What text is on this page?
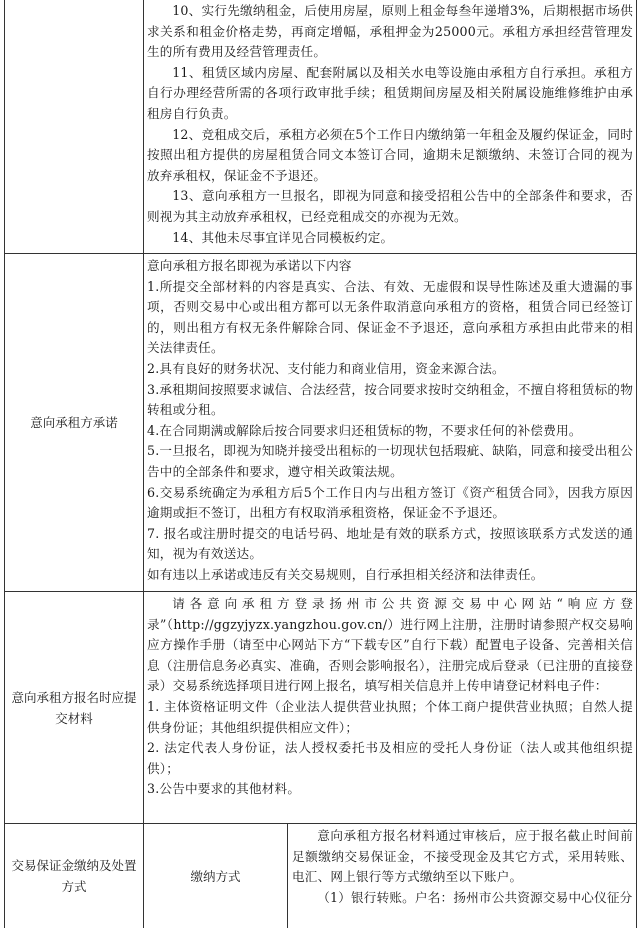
10、实行先缴纳租金，后使用房屋，原则上租金每叁年递增3%，后期根据市场供求关系和租金价格走势，再商定增幅，承租押金为25000元。承租方承担经营管理发生的所有费用及经营管理责任。

11、租赁区域内房屋、配套附属以及相关水电等设施由承租方自行承担。承租方自行办理经营所需的各项行政审批手续；租赁期间房屋及相关附属设施维修维护由承租房自行负责。

12、竞租成交后，承租方必须在5个工作日内缴纳第一年租金及履约保证金，同时按照出租方提供的房屋租赁合同文本签订合同，逾期未足额缴纳、未签订合同的视为放弃承租权，保证金不予退还。

13、意向承租方一旦报名，即视为同意和接受招租公告中的全部条件和要求，否则视为其主动放弃承租权，已经竞租成交的亦视为无效。

14、其他未尽事宜详见合同模板约定。

意向承租方承诺

意向承租方报名即视为承诺以下内容

1.所提交全部材料的内容是真实、合法、有效、无虚假和误导性陈述及重大遗漏的事项，否则交易中心或出租方都可以无条件取消意向承租方的资格，租赁合同已经签订的，则出租方有权无条件解除合同、保证金不予退还，意向承租方承担由此带来的相关法律责任。

2.具有良好的财务状况、支付能力和商业信用，资金来源合法。

3.承租期间按照要求诚信、合法经营，按合同要求按时交纳租金，不擅自将租赁标的物转租或分租。

4.在合同期满或解除后按合同要求归还租赁标的物，不要求任何的补偿费用。

5.一旦报名，即视为知晓并接受出租标的一切现状包括瑕疵、缺陷，同意和接受出租公告中的全部条件和要求，遵守相关政策法规。

6.交易系统确定为承租方后5个工作日内与出租方签订《资产租赁合同》，因我方原因逾期或拒不签订，出租方有权取消承租资格，保证金不予退还。

7. 报名或注册时提交的电话号码、地址是有效的联系方式，按照该联系方式发送的通知，视为有效送达。

如有违以上承诺或违反有关交易规则，自行承担相关经济和法律责任。

意向承租方报名时应提交材料

请各意向承租方登录扬州市公共资源交易中心网站“响应方登录”（http://ggzyjyzx.yangzhou.gov.cn/）进行网上注册，注册时请参照产权交易响应方操作手册（请至中心网站下方“下载专区”自行下载）配置电子设备、完善相关信息（注册信息务必真实、准确，否则会影响报名），注册完成后登录（已注册的直接登录）交易系统选择项目进行网上报名，填写相关信息并上传申请登记材料电子件：

1. 主体资格证明文件（企业法人提供营业执照；个体工商户提供营业执照；自然人提供身份证；其他组织提供相应文件）；

2. 法定代表人身份证，法人授权委托书及相应的受托人身份证（法人或其他组织提供）；

3.公告中要求的其他材料。

交易保证金缴纳及处置方式
缴纳方式

意向承租方报名材料通过审核后，应于报名截止时间前足额缴纳交易保证金，不接受现金及其它方式，采用转账、电汇、网上银行等方式缴纳至以下账户。

（1）银行转账。户名：扬州市公共资源交易中心仪征分
